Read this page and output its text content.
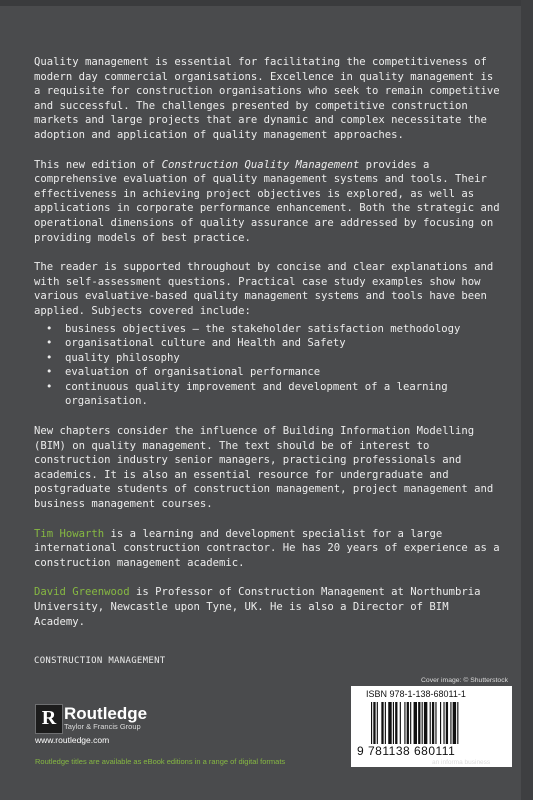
Quality management is essential for facilitating the competitiveness of modern day commercial organisations. Excellence in quality management is a requisite for construction organisations who seek to remain competitive and successful. The challenges presented by competitive construction markets and large projects that are dynamic and complex necessitate the adoption and application of quality management approaches.

This new edition of Construction Quality Management provides a comprehensive evaluation of quality management systems and tools. Their effectiveness in achieving project objectives is explored, as well as applications in corporate performance enhancement. Both the strategic and operational dimensions of quality assurance are addressed by focusing on providing models of best practice.

The reader is supported throughout by concise and clear explanations and with self-assessment questions. Practical case study examples show how various evaluative-based quality management systems and tools have been applied. Subjects covered include:

• business objectives – the stakeholder satisfaction methodology
• organisational culture and Health and Safety
• quality philosophy
• evaluation of organisational performance
• continuous quality improvement and development of a learning organisation.

New chapters consider the influence of Building Information Modelling (BIM) on quality management. The text should be of interest to construction industry senior managers, practicing professionals and academics. It is also an essential resource for undergraduate and postgraduate students of construction management, project management and business management courses.

Tim Howarth is a learning and development specialist for a large international construction contractor. He has 20 years of experience as a construction management academic.

David Greenwood is Professor of Construction Management at Northumbria University, Newcastle upon Tyne, UK. He is also a Director of BIM Academy.

CONSTRUCTION MANAGEMENT
R Routledge
Taylor & Francis Group
www.routledge.com
Routledge titles are available as eBook editions in a range of digital formats
Cover image: © Shutterstock
ISBN 978-1-138-68011-1
9 781138 680111
an informa business
